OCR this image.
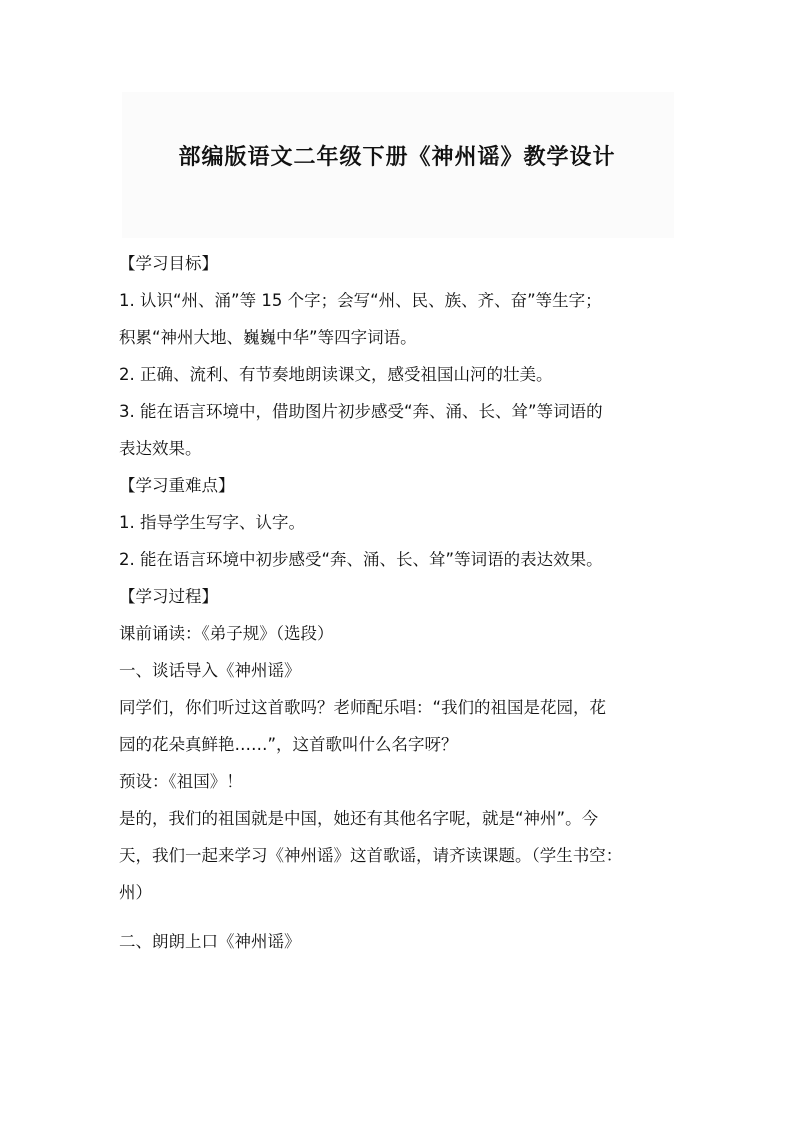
部编版语文二年级下册《神州谣》教学设计
【学习目标】
1. 认识“州、涌”等 15 个字；会写“州、民、族、齐、奋”等生字；
积累“神州大地、巍巍中华”等四字词语。
2. 正确、流利、有节奏地朗读课文，感受祖国山河的壮美。
3. 能在语言环境中，借助图片初步感受“奔、涌、长、耸”等词语的
表达效果。
【学习重难点】
1. 指导学生写字、认字。
2. 能在语言环境中初步感受“奔、涌、长、耸”等词语的表达效果。
【学习过程】
课前诵读：《弟子规》（选段）
一、谈话导入《神州谣》
同学们，你们听过这首歌吗？老师配乐唱：“我们的祖国是花园，花
园的花朵真鲜艳……”，这首歌叫什么名字呀？
预设：《祖国》！
是的，我们的祖国就是中国，她还有其他名字呢，就是“神州”。今
天，我们一起来学习《神州谣》这首歌谣，请齐读课题。（学生书空：
州）
二、朗朗上口《神州谣》
